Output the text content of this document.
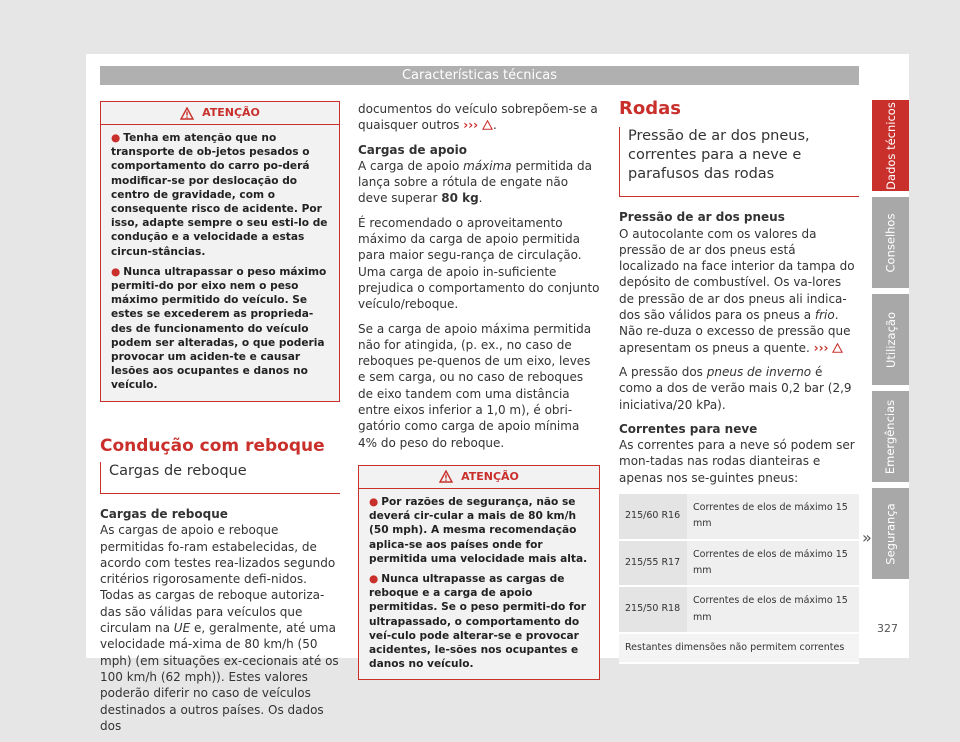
Características técnicas
ATENÇÃO
● Tenha em atenção que no transporte de ob-jetos pesados o comportamento do carro po-derá modificar-se por deslocação do centro de gravidade, com o consequente risco de acidente. Por isso, adapte sempre o seu esti-lo de condução e a velocidade a estas circun-stâncias.
● Nunca ultrapassar o peso máximo permiti-do por eixo nem o peso máximo permitido do veículo. Se estes se excederem as proprieda-des de funcionamento do veículo podem ser alteradas, o que poderia provocar um aciden-te e causar lesões aos ocupantes e danos no veículo.
Condução com reboque
Cargas de reboque

Cargas de reboque

As cargas de apoio e reboque permitidas fo-ram estabelecidas, de acordo com testes rea-lizados segundo critérios rigorosamente defi-nidos. Todas as cargas de reboque autoriza-das são válidas para veículos que circulam na UE e, geralmente, até uma velocidade má-xima de 80 km/h (50 mph) (em situações ex-cecionais até os 100 km/h (62 mph)). Estes valores poderão diferir no caso de veículos destinados a outros países. Os dados dos

documentos do veículo sobrepõem-se a quaisquer outros ››› .

Cargas de apoio

A carga de apoio máxima permitida da lança sobre a rótula de engate não deve superar 80 kg.

É recomendado o aproveitamento máximo da carga de apoio permitida para maior segu-rança de circulação. Uma carga de apoio in-suficiente prejudica o comportamento do conjunto veículo/reboque.

Se a carga de apoio máxima permitida não for atingida, (p. ex., no caso de reboques pe-quenos de um eixo, leves e sem carga, ou no caso de reboques de eixo tandem com uma distância entre eixos inferior a 1,0 m), é obri-gatório como carga de apoio mínima 4% do peso do reboque.

ATENÇÃO
● Por razões de segurança, não se deverá cir-cular a mais de 80 km/h (50 mph). A mesma recomendação aplica-se aos países onde for permitida uma velocidade mais alta.
● Nunca ultrapasse as cargas de reboque e a carga de apoio permitidas. Se o peso permiti-do for ultrapassado, o comportamento do veí-culo pode alterar-se e provocar acidentes, le-sões nos ocupantes e danos no veículo.
Rodas
Pressão de ar dos pneus, correntes para a neve e parafusos das rodas

Pressão de ar dos pneus

O autocolante com os valores da pressão de ar dos pneus está localizado na face interior da tampa do depósito de combustível. Os va-lores de pressão de ar dos pneus ali indica-dos são válidos para os pneus a frio. Não re-duza o excesso de pressão que apresentam os pneus a quente. ›››

A pressão dos pneus de inverno é como a dos de verão mais 0,2 bar (2,9 iniciativa/20 kPa).

Correntes para neve

As correntes para a neve só podem ser mon-tadas nas rodas dianteiras e apenas nos se-guintes pneus:

215/60 R16	Correntes de elos de máximo 15 mm
215/55 R17	Correntes de elos de máximo 15 mm
215/50 R18	Correntes de elos de máximo 15 mm
Restantes dimensões não permitem correntes	
»
Dados técnicos
Conselhos
Utilização
Emergências
Segurança
327
